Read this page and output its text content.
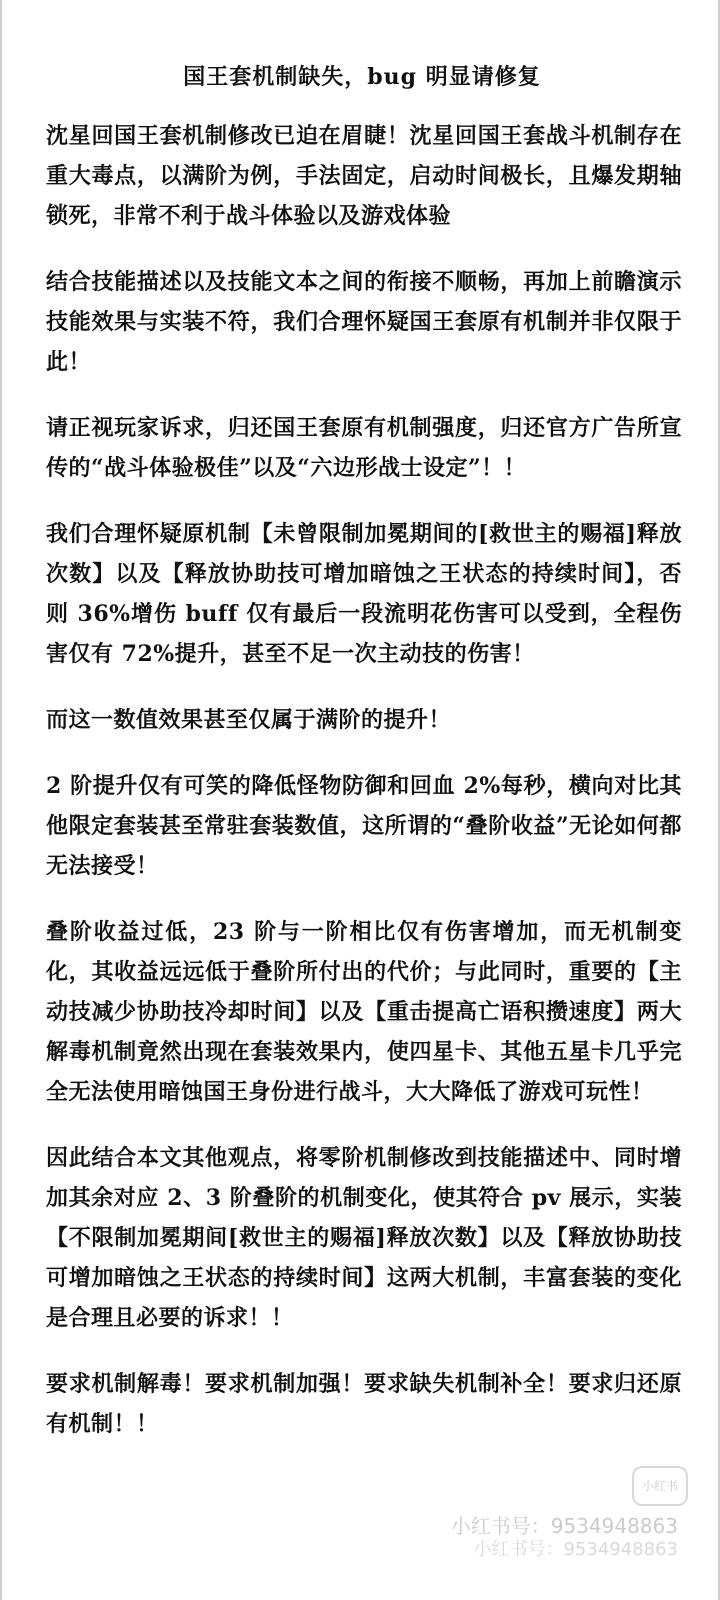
国王套机制缺失，bug 明显请修复

沈星回国王套机制修改已迫在眉睫！沈星回国王套战斗机制存在重大毒点，以满阶为例，手法固定，启动时间极长，且爆发期轴锁死，非常不利于战斗体验以及游戏体验

结合技能描述以及技能文本之间的衔接不顺畅，再加上前瞻演示技能效果与实装不符，我们合理怀疑国王套原有机制并非仅限于此！

请正视玩家诉求，归还国王套原有机制强度，归还官方广告所宣传的“战斗体验极佳”以及“六边形战士设定”！！

我们合理怀疑原机制【未曾限制加冕期间的[救世主的赐福]释放次数】以及【释放协助技可增加暗蚀之王状态的持续时间】，否则 36%增伤 buff 仅有最后一段流明花伤害可以受到，全程伤害仅有 72%提升，甚至不足一次主动技的伤害！

而这一数值效果甚至仅属于满阶的提升！

2 阶提升仅有可笑的降低怪物防御和回血 2%每秒，横向对比其他限定套装甚至常驻套装数值，这所谓的“叠阶收益”无论如何都无法接受！

叠阶收益过低，23 阶与一阶相比仅有伤害增加，而无机制变化，其收益远远低于叠阶所付出的代价；与此同时，重要的【主动技减少协助技冷却时间】以及【重击提高亡语积攒速度】两大解毒机制竟然出现在套装效果内，使四星卡、其他五星卡几乎完全无法使用暗蚀国王身份进行战斗，大大降低了游戏可玩性！

因此结合本文其他观点，将零阶机制修改到技能描述中、同时增加其余对应 2、3 阶叠阶的机制变化，使其符合 pv 展示，实装【不限制加冕期间[救世主的赐福]释放次数】以及【释放协助技可增加暗蚀之王状态的持续时间】这两大机制，丰富套装的变化是合理且必要的诉求！！

要求机制解毒！要求机制加强！要求缺失机制补全！要求归还原有机制！！

小红书
小红书号：9534948863
小红书号：9534948863
